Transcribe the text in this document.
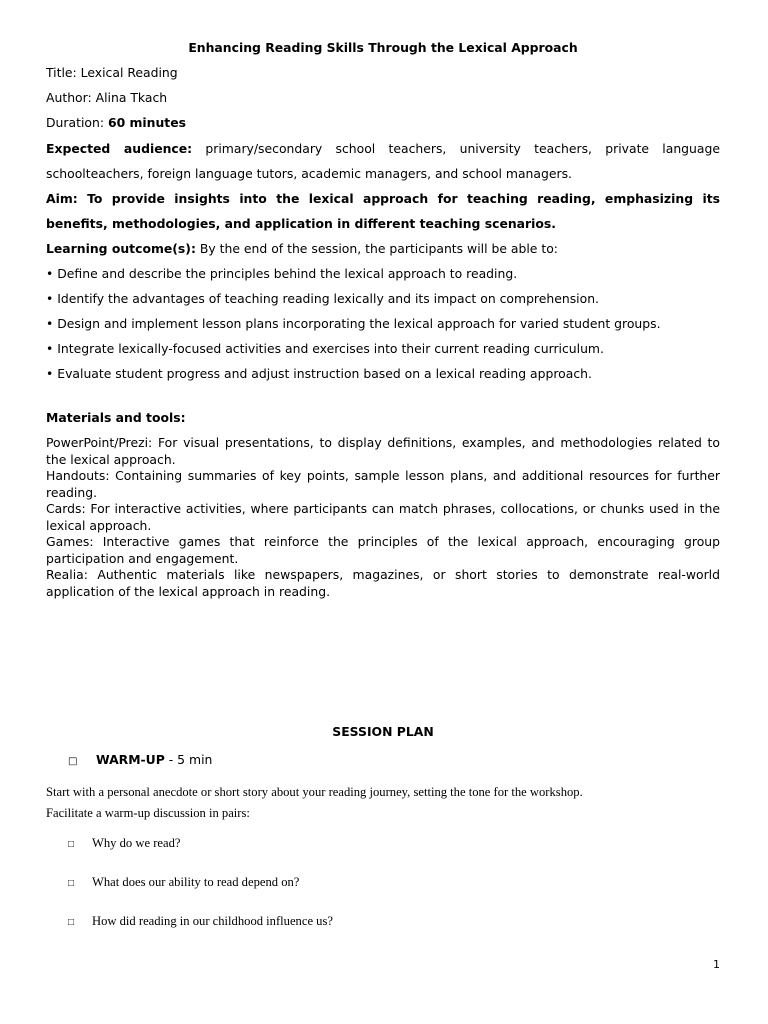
Enhancing Reading Skills Through the Lexical Approach

Title: Lexical Reading

Author: Alina Tkach

Duration: 60 minutes

Expected audience: primary/secondary school teachers, university teachers, private language schoolteachers, foreign language tutors, academic managers, and school managers.

Aim: To provide insights into the lexical approach for teaching reading, emphasizing its benefits, methodologies, and application in different teaching scenarios.

Learning outcome(s): By the end of the session, the participants will be able to:

• Define and describe the principles behind the lexical approach to reading.
• Identify the advantages of teaching reading lexically and its impact on comprehension.
• Design and implement lesson plans incorporating the lexical approach for varied student groups.
• Integrate lexically-focused activities and exercises into their current reading curriculum.
• Evaluate student progress and adjust instruction based on a lexical reading approach.

Materials and tools:

PowerPoint/Prezi: For visual presentations, to display definitions, examples, and methodologies related to the lexical approach.

Handouts: Containing summaries of key points, sample lesson plans, and additional resources for further reading.

Cards: For interactive activities, where participants can match phrases, collocations, or chunks used in the lexical approach.

Games: Interactive games that reinforce the principles of the lexical approach, encouraging group participation and engagement.

Realia: Authentic materials like newspapers, magazines, or short stories to demonstrate real-world application of the lexical approach in reading.

SESSION PLAN

□ WARM-UP - 5 min

Start with a personal anecdote or short story about your reading journey, setting the tone for the workshop.

Facilitate a warm-up discussion in pairs:

□ Why do we read?

□ What does our ability to read depend on?

□ How did reading in our childhood influence us?

1
